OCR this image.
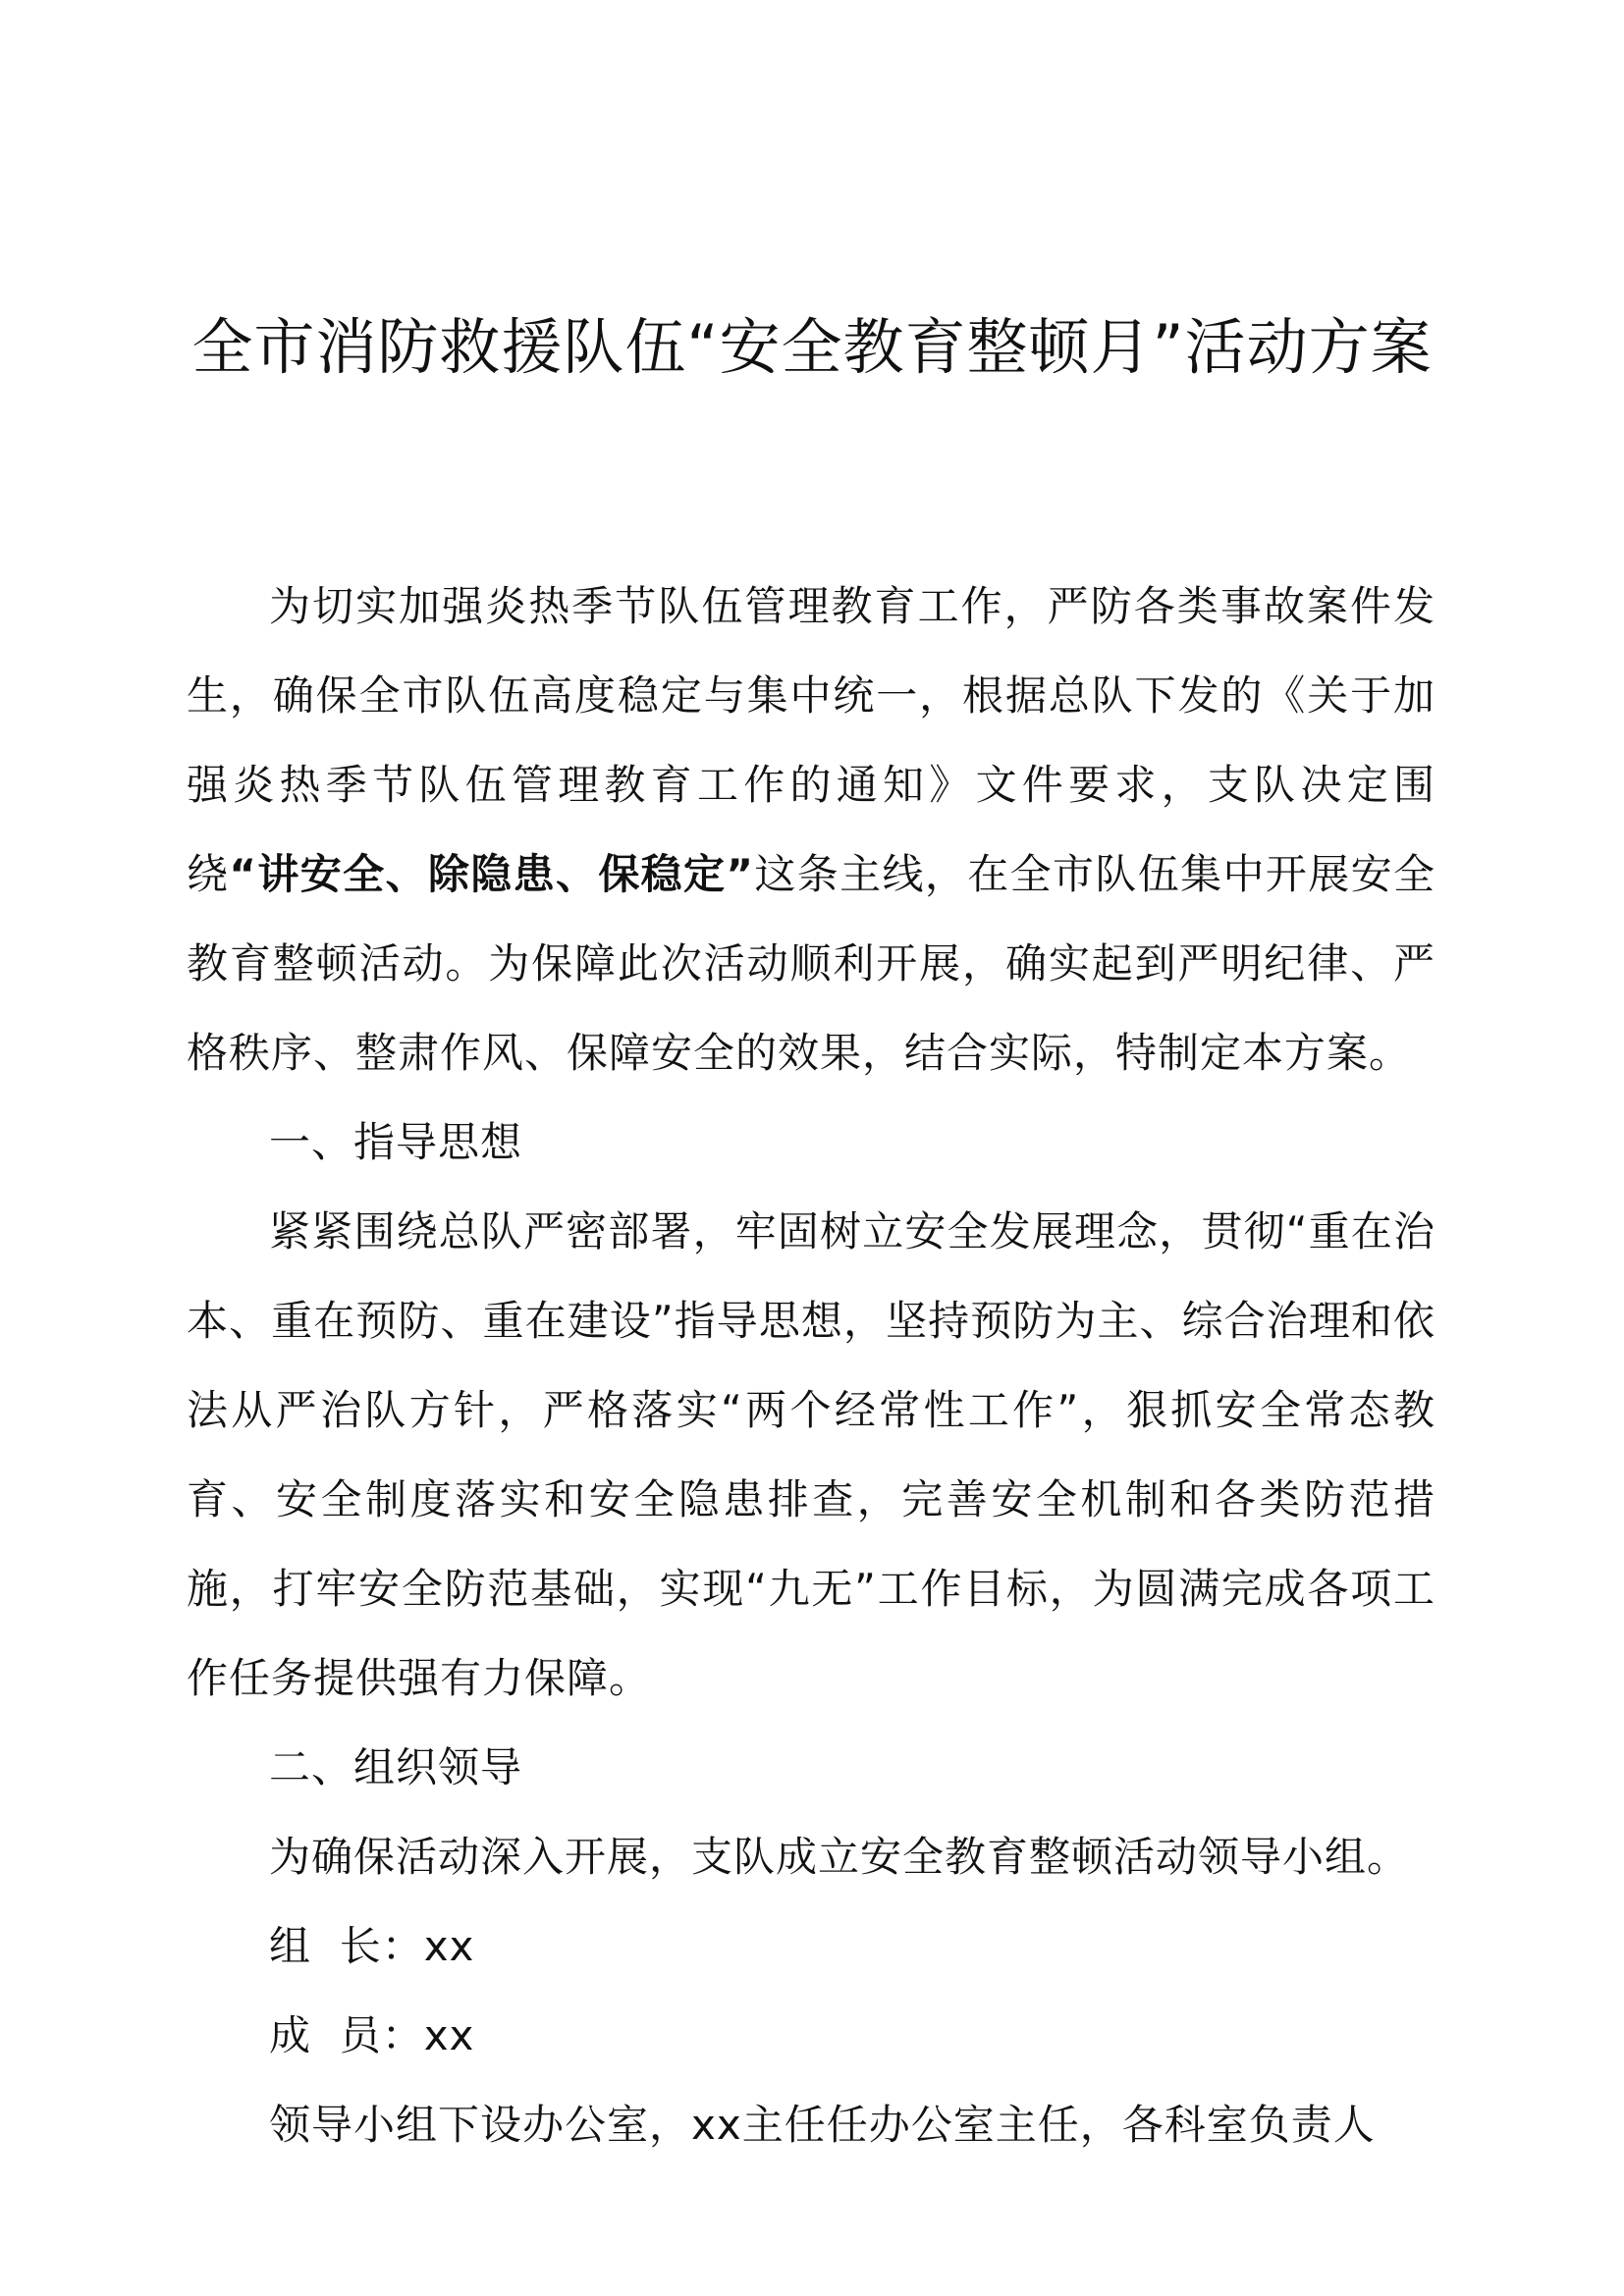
全市消防救援队伍“安全教育整顿月”活动方案

为切实加强炎热季节队伍管理教育工作，严防各类事故案件发生，确保全市队伍高度稳定与集中统一，根据总队下发的《关于加强炎热季节队伍管理教育工作的通知》文件要求，支队决定围绕“讲安全、除隐患、保稳定”这条主线，在全市队伍集中开展安全教育整顿活动。为保障此次活动顺利开展，确实起到严明纪律、严格秩序、整肃作风、保障安全的效果，结合实际，特制定本方案。

一、指导思想

紧紧围绕总队严密部署，牢固树立安全发展理念，贯彻“重在治本、重在预防、重在建设”指导思想，坚持预防为主、综合治理和依法从严治队方针，严格落实“两个经常性工作”，狠抓安全常态教育、安全制度落实和安全隐患排查，完善安全机制和各类防范措施，打牢安全防范基础，实现“九无”工作目标，为圆满完成各项工作任务提供强有力保障。

二、组织领导

为确保活动深入开展，支队成立安全教育整顿活动领导小组。

组  长：xx

成  员：xx

领导小组下设办公室，xx主任任办公室主任，各科室负责人
